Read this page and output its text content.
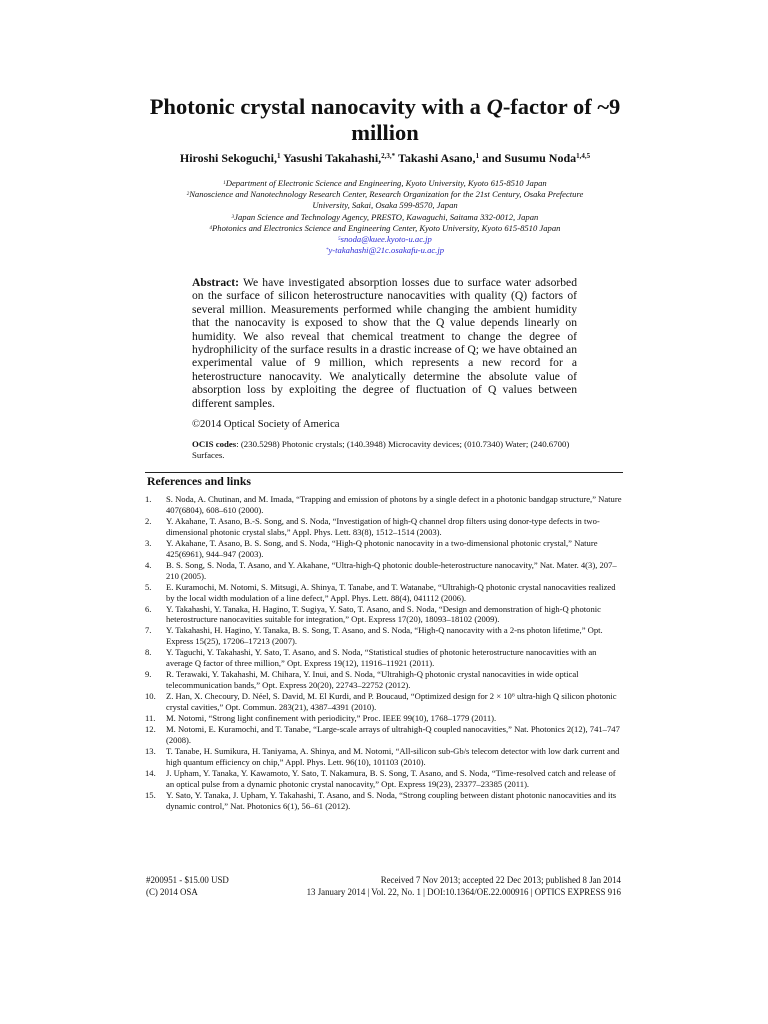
Photonic crystal nanocavity with a Q-factor of ~9 million
Hiroshi Sekoguchi,$^1$ Yasushi Takahashi,$^{2,3,*}$ Takashi Asano,$^1$ and Susumu Noda$^{1,4,5}$
$^1$Department of Electronic Science and Engineering, Kyoto University, Kyoto 615-8510 Japan
$^2$Nanoscience and Nanotechnology Research Center, Research Organization for the 21st Century, Osaka Prefecture
University, Sakai, Osaka 599-8570, Japan
$^3$Japan Science and Technology Agency, PRESTO, Kawaguchi, Saitama 332-0012, Japan
$^4$Photonics and Electronics Science and Engineering Center, Kyoto University, Kyoto 615-8510 Japan
$^5$snoda@kuee.kyoto-u.ac.jp
*y-takahashi@21c.osakafu-u.ac.jp

Abstract: We have investigated absorption losses due to surface water adsorbed on the surface of silicon heterostructure nanocavities with quality (Q) factors of several million. Measurements performed while changing the ambient humidity that the nanocavity is exposed to show that the Q value depends linearly on humidity. We also reveal that chemical treatment to change the degree of hydrophilicity of the surface results in a drastic increase of Q; we have obtained an experimental value of 9 million, which represents a new record for a heterostructure nanocavity. We analytically determine the absolute value of absorption loss by exploiting the degree of fluctuation of Q values between different samples.

©2014 Optical Society of America
OCIS codes: (230.5298) Photonic crystals; (140.3948) Microcavity devices; (010.7340) Water; (240.6700) Surfaces.
References and links
1.	S. Noda, A. Chutinan, and M. Imada, “Trapping and emission of photons by a single defect in a photonic bandgap structure,” Nature 407(6804), 608–610 (2000).
2.	Y. Akahane, T. Asano, B.-S. Song, and S. Noda, “Investigation of high-Q channel drop filters using donor-type defects in two-dimensional photonic crystal slabs,” Appl. Phys. Lett. 83(8), 1512–1514 (2003).
3.	Y. Akahane, T. Asano, B. S. Song, and S. Noda, “High-Q photonic nanocavity in a two-dimensional photonic crystal,” Nature 425(6961), 944–947 (2003).
4.	B. S. Song, S. Noda, T. Asano, and Y. Akahane, “Ultra-high-Q photonic double-heterostructure nanocavity,” Nat. Mater. 4(3), 207–210 (2005).
5.	E. Kuramochi, M. Notomi, S. Mitsugi, A. Shinya, T. Tanabe, and T. Watanabe, “Ultrahigh-Q photonic crystal nanocavities realized by the local width modulation of a line defect,” Appl. Phys. Lett. 88(4), 041112 (2006).
6.	Y. Takahashi, Y. Tanaka, H. Hagino, T. Sugiya, Y. Sato, T. Asano, and S. Noda, “Design and demonstration of high-Q photonic heterostructure nanocavities suitable for integration,” Opt. Express 17(20), 18093–18102 (2009).
7.	Y. Takahashi, H. Hagino, Y. Tanaka, B. S. Song, T. Asano, and S. Noda, “High-Q nanocavity with a 2-ns photon lifetime,” Opt. Express 15(25), 17206–17213 (2007).
8.	Y. Taguchi, Y. Takahashi, Y. Sato, T. Asano, and S. Noda, “Statistical studies of photonic heterostructure nanocavities with an average Q factor of three million,” Opt. Express 19(12), 11916–11921 (2011).
9.	R. Terawaki, Y. Takahashi, M. Chihara, Y. Inui, and S. Noda, “Ultrahigh-Q photonic crystal nanocavities in wide optical telecommunication bands,” Opt. Express 20(20), 22743–22752 (2012).
10.	Z. Han, X. Checoury, D. Néel, S. David, M. El Kurdi, and P. Boucaud, “Optimized design for 2 × 10⁶ ultra-high Q silicon photonic crystal cavities,” Opt. Commun. 283(21), 4387–4391 (2010).
11.	M. Notomi, “Strong light confinement with periodicity,” Proc. IEEE 99(10), 1768–1779 (2011).
12.	M. Notomi, E. Kuramochi, and T. Tanabe, “Large-scale arrays of ultrahigh-Q coupled nanocavities,” Nat. Photonics 2(12), 741–747 (2008).
13.	T. Tanabe, H. Sumikura, H. Taniyama, A. Shinya, and M. Notomi, “All-silicon sub-Gb/s telecom detector with low dark current and high quantum efficiency on chip,” Appl. Phys. Lett. 96(10), 101103 (2010).
14.	J. Upham, Y. Tanaka, Y. Kawamoto, Y. Sato, T. Nakamura, B. S. Song, T. Asano, and S. Noda, “Time-resolved catch and release of an optical pulse from a dynamic photonic crystal nanocavity,” Opt. Express 19(23), 23377–23385 (2011).
15.	Y. Sato, Y. Tanaka, J. Upham, Y. Takahashi, T. Asano, and S. Noda, “Strong coupling between distant photonic nanocavities and its dynamic control,” Nat. Photonics 6(1), 56–61 (2012).
#200951 - $15.00 USD	Received 7 Nov 2013; accepted 22 Dec 2013; published 8 Jan 2014
(C) 2014 OSA	13 January 2014 | Vol. 22, No. 1 | DOI:10.1364/OE.22.000916 | OPTICS EXPRESS 916
